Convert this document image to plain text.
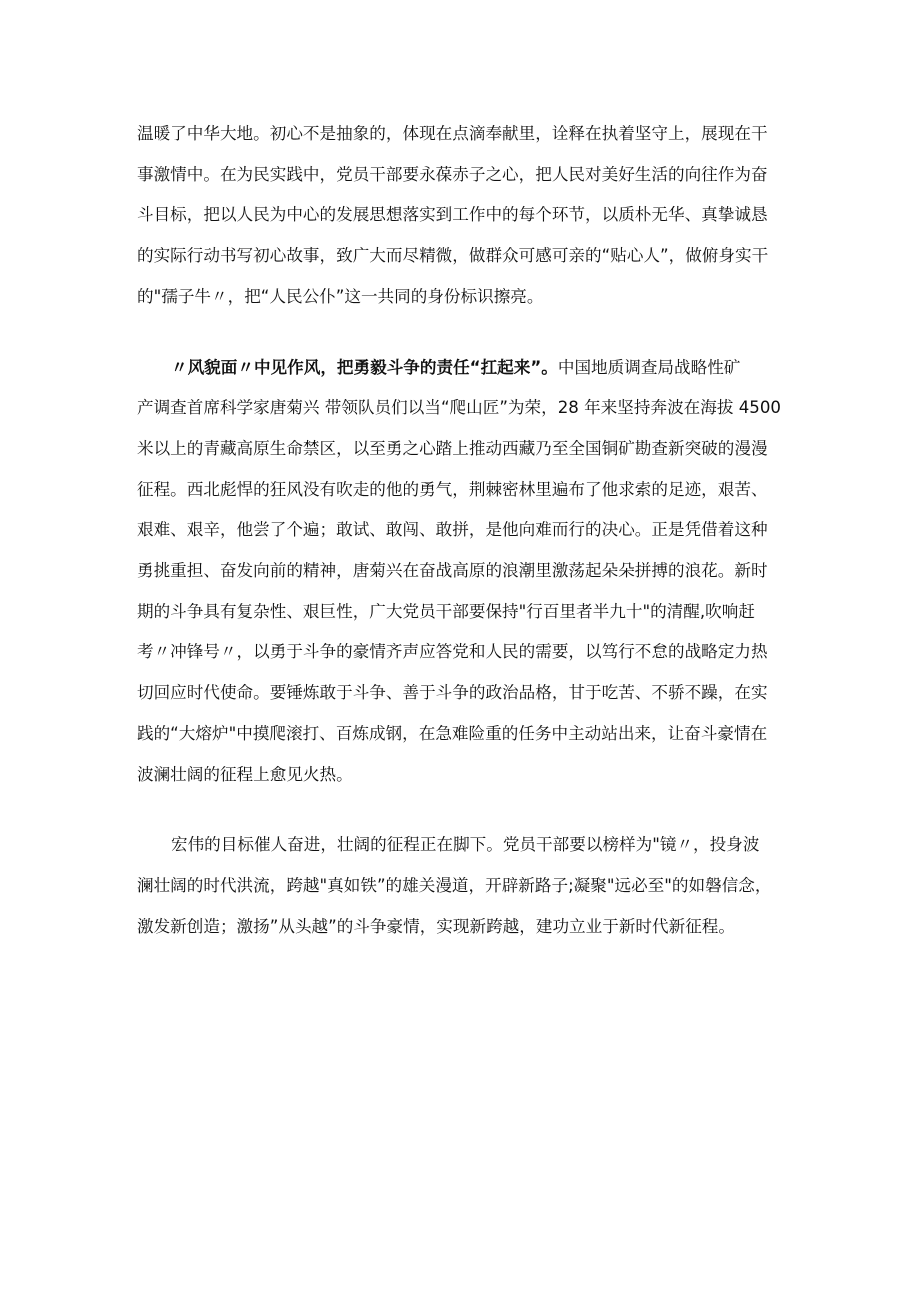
温暖了中华大地。初心不是抽象的，体现在点滴奉献里，诠释在执着坚守上，展现在干
事激情中。在为民实践中，党员干部要永葆赤子之心，把人民对美好生活的向往作为奋
斗目标，把以人民为中心的发展思想落实到工作中的每个环节，以质朴无华、真挚诚恳
的实际行动书写初心故事，致广大而尽精微，做群众可感可亲的“贴心人”，做俯身实干
的"孺子牛〃，把“人民公仆”这一共同的身份标识擦亮。
〃风貌面〃中见作风，把勇毅斗争的责任“扛起来”。中国地质调查局战略性矿
产调查首席科学家唐菊兴 带领队员们以当“爬山匠”为荣，28 年来坚持奔波在海拔 4500
米以上的青藏高原生命禁区，以至勇之心踏上推动西藏乃至全国铜矿勘查新突破的漫漫
征程。西北彪悍的狂风没有吹走的他的勇气，荆棘密林里遍布了他求索的足迹，艰苦、
艰难、艰辛，他尝了个遍；敢试、敢闯、敢拼，是他向难而行的决心。正是凭借着这种
勇挑重担、奋发向前的精神，唐菊兴在奋战高原的浪潮里激荡起朵朵拼搏的浪花。新时
期的斗争具有复杂性、艰巨性，广大党员干部要保持"行百里者半九十"的清醒,吹响赶
考〃冲锋号〃，以勇于斗争的豪情齐声应答党和人民的需要，以笃行不怠的战略定力热
切回应时代使命。要锤炼敢于斗争、善于斗争的政治品格，甘于吃苦、不骄不躁，在实
践的“大熔炉"中摸爬滚打、百炼成钢，在急难险重的任务中主动站出来，让奋斗豪情在
波澜壮阔的征程上愈见火热。
宏伟的目标催人奋进，壮阔的征程正在脚下。党员干部要以榜样为"镜〃，投身波
澜壮阔的时代洪流，跨越"真如铁”的雄关漫道，开辟新路子;凝聚"远必至"的如磐信念，
激发新创造；激扬”从头越”的斗争豪情，实现新跨越，建功立业于新时代新征程。
